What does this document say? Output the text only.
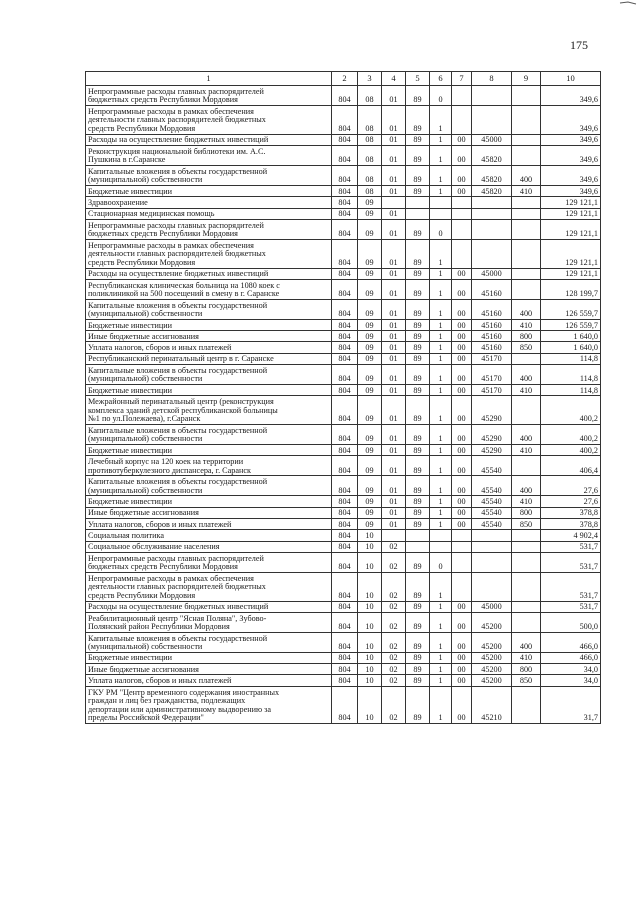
175
1	2	3	4	5	6	7	8	9	10
Непрограммные расходы главных распорядителей
бюджетных средств Республики Мордовия	804	08	01	89	0				349,6
Непрограммные расходы в рамках обеспечения
деятельности главных распорядителей бюджетных
средств Республики Мордовия	804	08	01	89	1				349,6
Расходы на осуществление бюджетных инвестиций	804	08	01	89	1	00	45000		349,6
Реконструкция национальной библиотеки им. А.С.
Пушкина в г.Саранске	804	08	01	89	1	00	45820		349,6
Капитальные вложения в объекты государственной
(муниципальной) собственности	804	08	01	89	1	00	45820	400	349,6
Бюджетные инвестиции	804	08	01	89	1	00	45820	410	349,6
Здравоохранение	804	09							129 121,1
Стационарная медицинская помощь	804	09	01						129 121,1
Непрограммные расходы главных распорядителей
бюджетных средств Республики Мордовия	804	09	01	89	0				129 121,1
Непрограммные расходы в рамках обеспечения
деятельности главных распорядителей бюджетных
средств Республики Мордовия	804	09	01	89	1				129 121,1
Расходы на осуществление бюджетных инвестиций	804	09	01	89	1	00	45000		129 121,1
Республиканская клиническая больница на 1080 коек с
поликлиникой на 500 посещений в смену в г. Саранске	804	09	01	89	1	00	45160		128 199,7
Капитальные вложения в объекты государственной
(муниципальной) собственности	804	09	01	89	1	00	45160	400	126 559,7
Бюджетные инвестиции	804	09	01	89	1	00	45160	410	126 559,7
Иные бюджетные ассигнования	804	09	01	89	1	00	45160	800	1 640,0
Уплата налогов, сборов и иных платежей	804	09	01	89	1	00	45160	850	1 640,0
Республиканский перинатальный центр в г. Саранске	804	09	01	89	1	00	45170		114,8
Капитальные вложения в объекты государственной
(муниципальной) собственности	804	09	01	89	1	00	45170	400	114,8
Бюджетные инвестиции	804	09	01	89	1	00	45170	410	114,8
Межрайонный перинатальный центр (реконструкция
комплекса зданий детской республиканской больницы
№1 по ул.Полежаева), г.Саранск	804	09	01	89	1	00	45290		400,2
Капитальные вложения в объекты государственной
(муниципальной) собственности	804	09	01	89	1	00	45290	400	400,2
Бюджетные инвестиции	804	09	01	89	1	00	45290	410	400,2
Лечебный корпус на 120 коек на территории
противотуберкулезного диспансера, г. Саранск	804	09	01	89	1	00	45540		406,4
Капитальные вложения в объекты государственной
(муниципальной) собственности	804	09	01	89	1	00	45540	400	27,6
Бюджетные инвестиции	804	09	01	89	1	00	45540	410	27,6
Иные бюджетные ассигнования	804	09	01	89	1	00	45540	800	378,8
Уплата налогов, сборов и иных платежей	804	09	01	89	1	00	45540	850	378,8
Социальная политика	804	10							4 902,4
Социальное обслуживание населения	804	10	02						531,7
Непрограммные расходы главных распорядителей
бюджетных средств Республики Мордовия	804	10	02	89	0				531,7
Непрограммные расходы в рамках обеспечения
деятельности главных распорядителей бюджетных
средств Республики Мордовия	804	10	02	89	1				531,7
Расходы на осуществление бюджетных инвестиций	804	10	02	89	1	00	45000		531,7
Реабилитационный центр "Ясная Поляна", Зубово-
Полянский район Республики Мордовия	804	10	02	89	1	00	45200		500,0
Капитальные вложения в объекты государственной
(муниципальной) собственности	804	10	02	89	1	00	45200	400	466,0
Бюджетные инвестиции	804	10	02	89	1	00	45200	410	466,0
Иные бюджетные ассигнования	804	10	02	89	1	00	45200	800	34,0
Уплата налогов, сборов и иных платежей	804	10	02	89	1	00	45200	850	34,0
ГКУ РМ "Центр временного содержания иностранных
граждан и лиц без гражданства, подлежащих
депортации или административному выдворению за
пределы Российской Федерации"	804	10	02	89	1	00	45210		31,7
